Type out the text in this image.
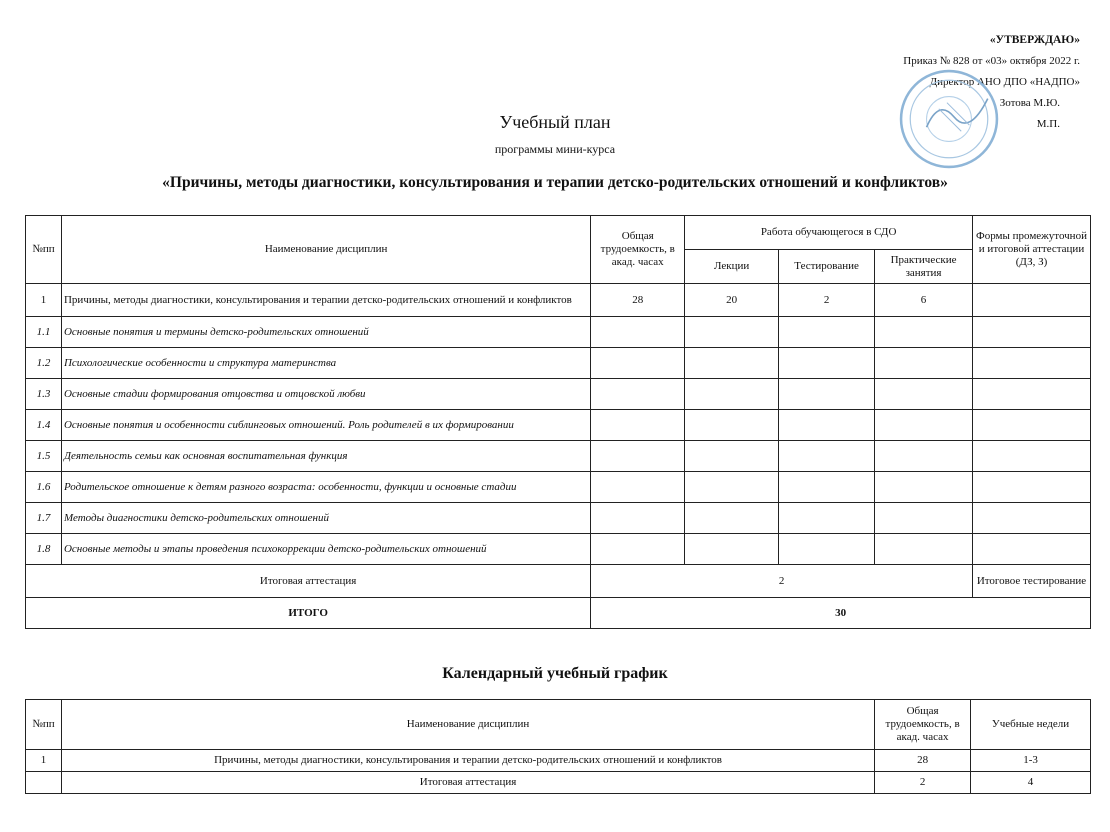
«УТВЕРЖДАЮ»
Приказ № 828 от «03» октября 2022 г.
Директор АНО ДПО «НАДПО»
Зотова М.Ю.
М.П.
Учебный план
программы мини-курса
«Причины, методы диагностики, консультирования и терапии детско-родительских отношений и конфликтов»
№пп	Наименование дисциплин	Общая трудоемкость, в акад. часах	Работа обучающегося в СДО			Формы промежуточной и итоговой аттестации (ДЗ, З)
			Лекции	Тестирование	Практические занятия	
1	Причины, методы диагностики, консультирования и терапии детско-родительских отношений и конфликтов	28	20	2	6	
1.1	Основные понятия и термины детско-родительских отношений					
1.2	Психологические особенности и структура материнства					
1.3	Основные стадии формирования отцовства и отцовской любви					
1.4	Основные понятия и особенности сиблинговых отношений. Роль родителей в их формировании					
1.5	Деятельность семьи как основная воспитательная функция					
1.6	Родительское отношение к детям разного возраста: особенности, функции и основные стадии					
1.7	Методы диагностики детско-родительских отношений					
1.8	Основные методы и этапы проведения психокоррекции детско-родительских отношений					
Итоговая аттестация		2				Итоговое тестирование
ИТОГО		30				
Календарный учебный график
№пп	Наименование дисциплин	Общая трудоемкость, в акад. часах	Учебные недели
1	Причины, методы диагностики, консультирования и терапии детско-родительских отношений и конфликтов	28	1-3
	Итоговая аттестация	2	4
